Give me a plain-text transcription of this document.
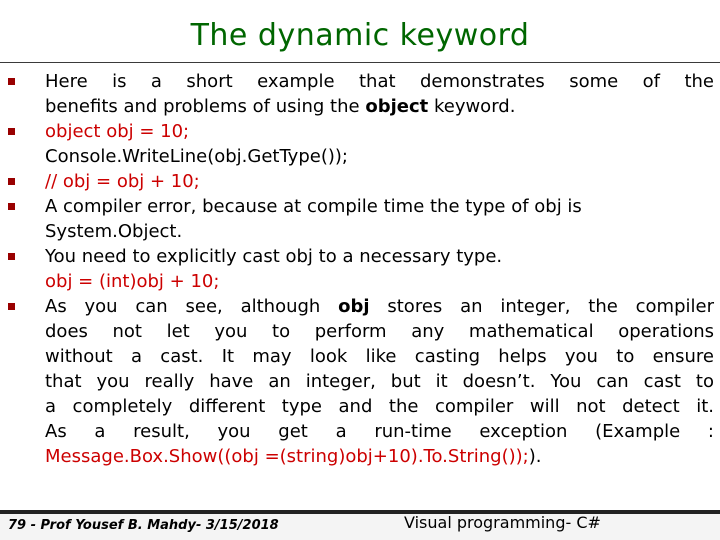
The dynamic keyword
Here is a short example that demonstrates some of the
benefits and problems of using the object keyword.
object obj = 10;
Console.WriteLine(obj.GetType());
// obj = obj + 10;
A compiler error, because at compile time the type of obj is
System.Object.
You need to explicitly cast obj to a necessary type.
obj = (int)obj + 10;
As you can see, although obj stores an integer, the compiler
does not let you to perform any mathematical operations
without a cast. It may look like casting helps you to ensure
that you really have an integer, but it doesn’t. You can cast to
a completely different type and the compiler will not detect it.
As a result, you get a run-time exception (Example :
Message.Box.Show((obj =(string)obj+10).To.String());).
79 - Prof Yousef B. Mahdy- 3/15/2018	Visual programming- C#
